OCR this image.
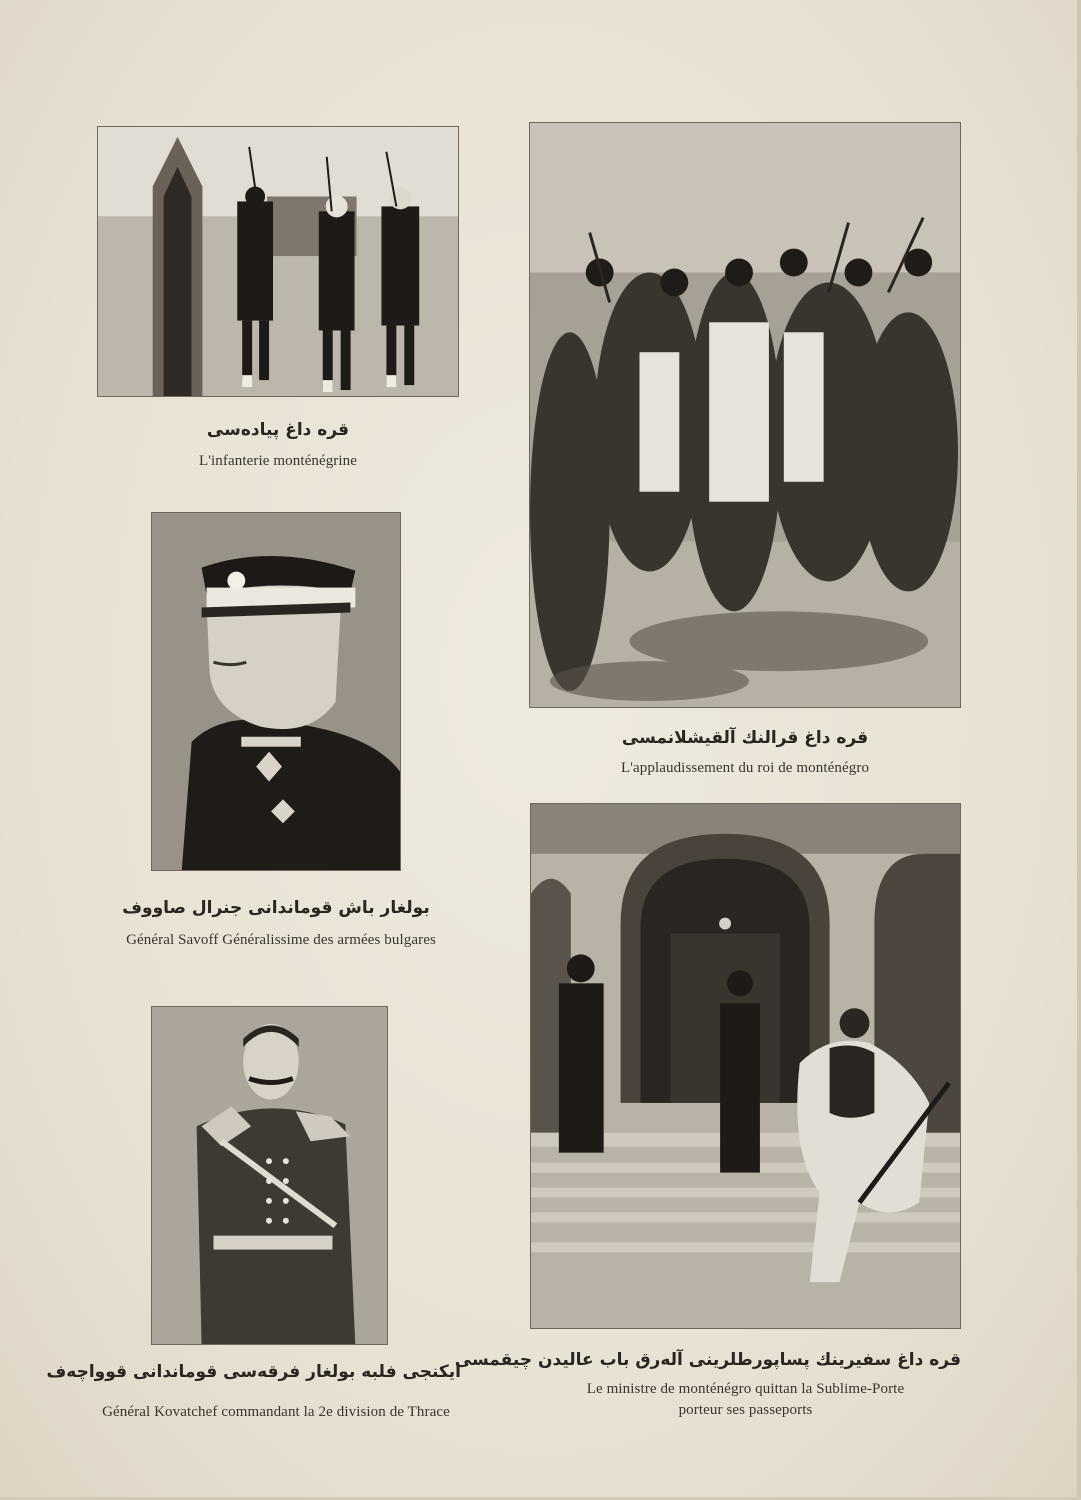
قره داغ پیاده‌سی
L'infanterie monténégrine
قره داغ قرالنك آلقیشلانمسی
L'applaudissement du roi de monténégro
بولغار باش قوماندانی جنرال صاووف
Général Savoff Généralissime des armées bulgares
قره داغ سفیرینك پساپورطلرینی آله‌رق باب عالیدن چیقمسی
Le ministre de monténégro quittan la Sublime-Porte
porteur ses passeports
ایکنجی فلبه بولغار فرقه‌سی قوماندانی قوواچه‌ف
Général Kovatchef commandant la 2e division de Thrace
